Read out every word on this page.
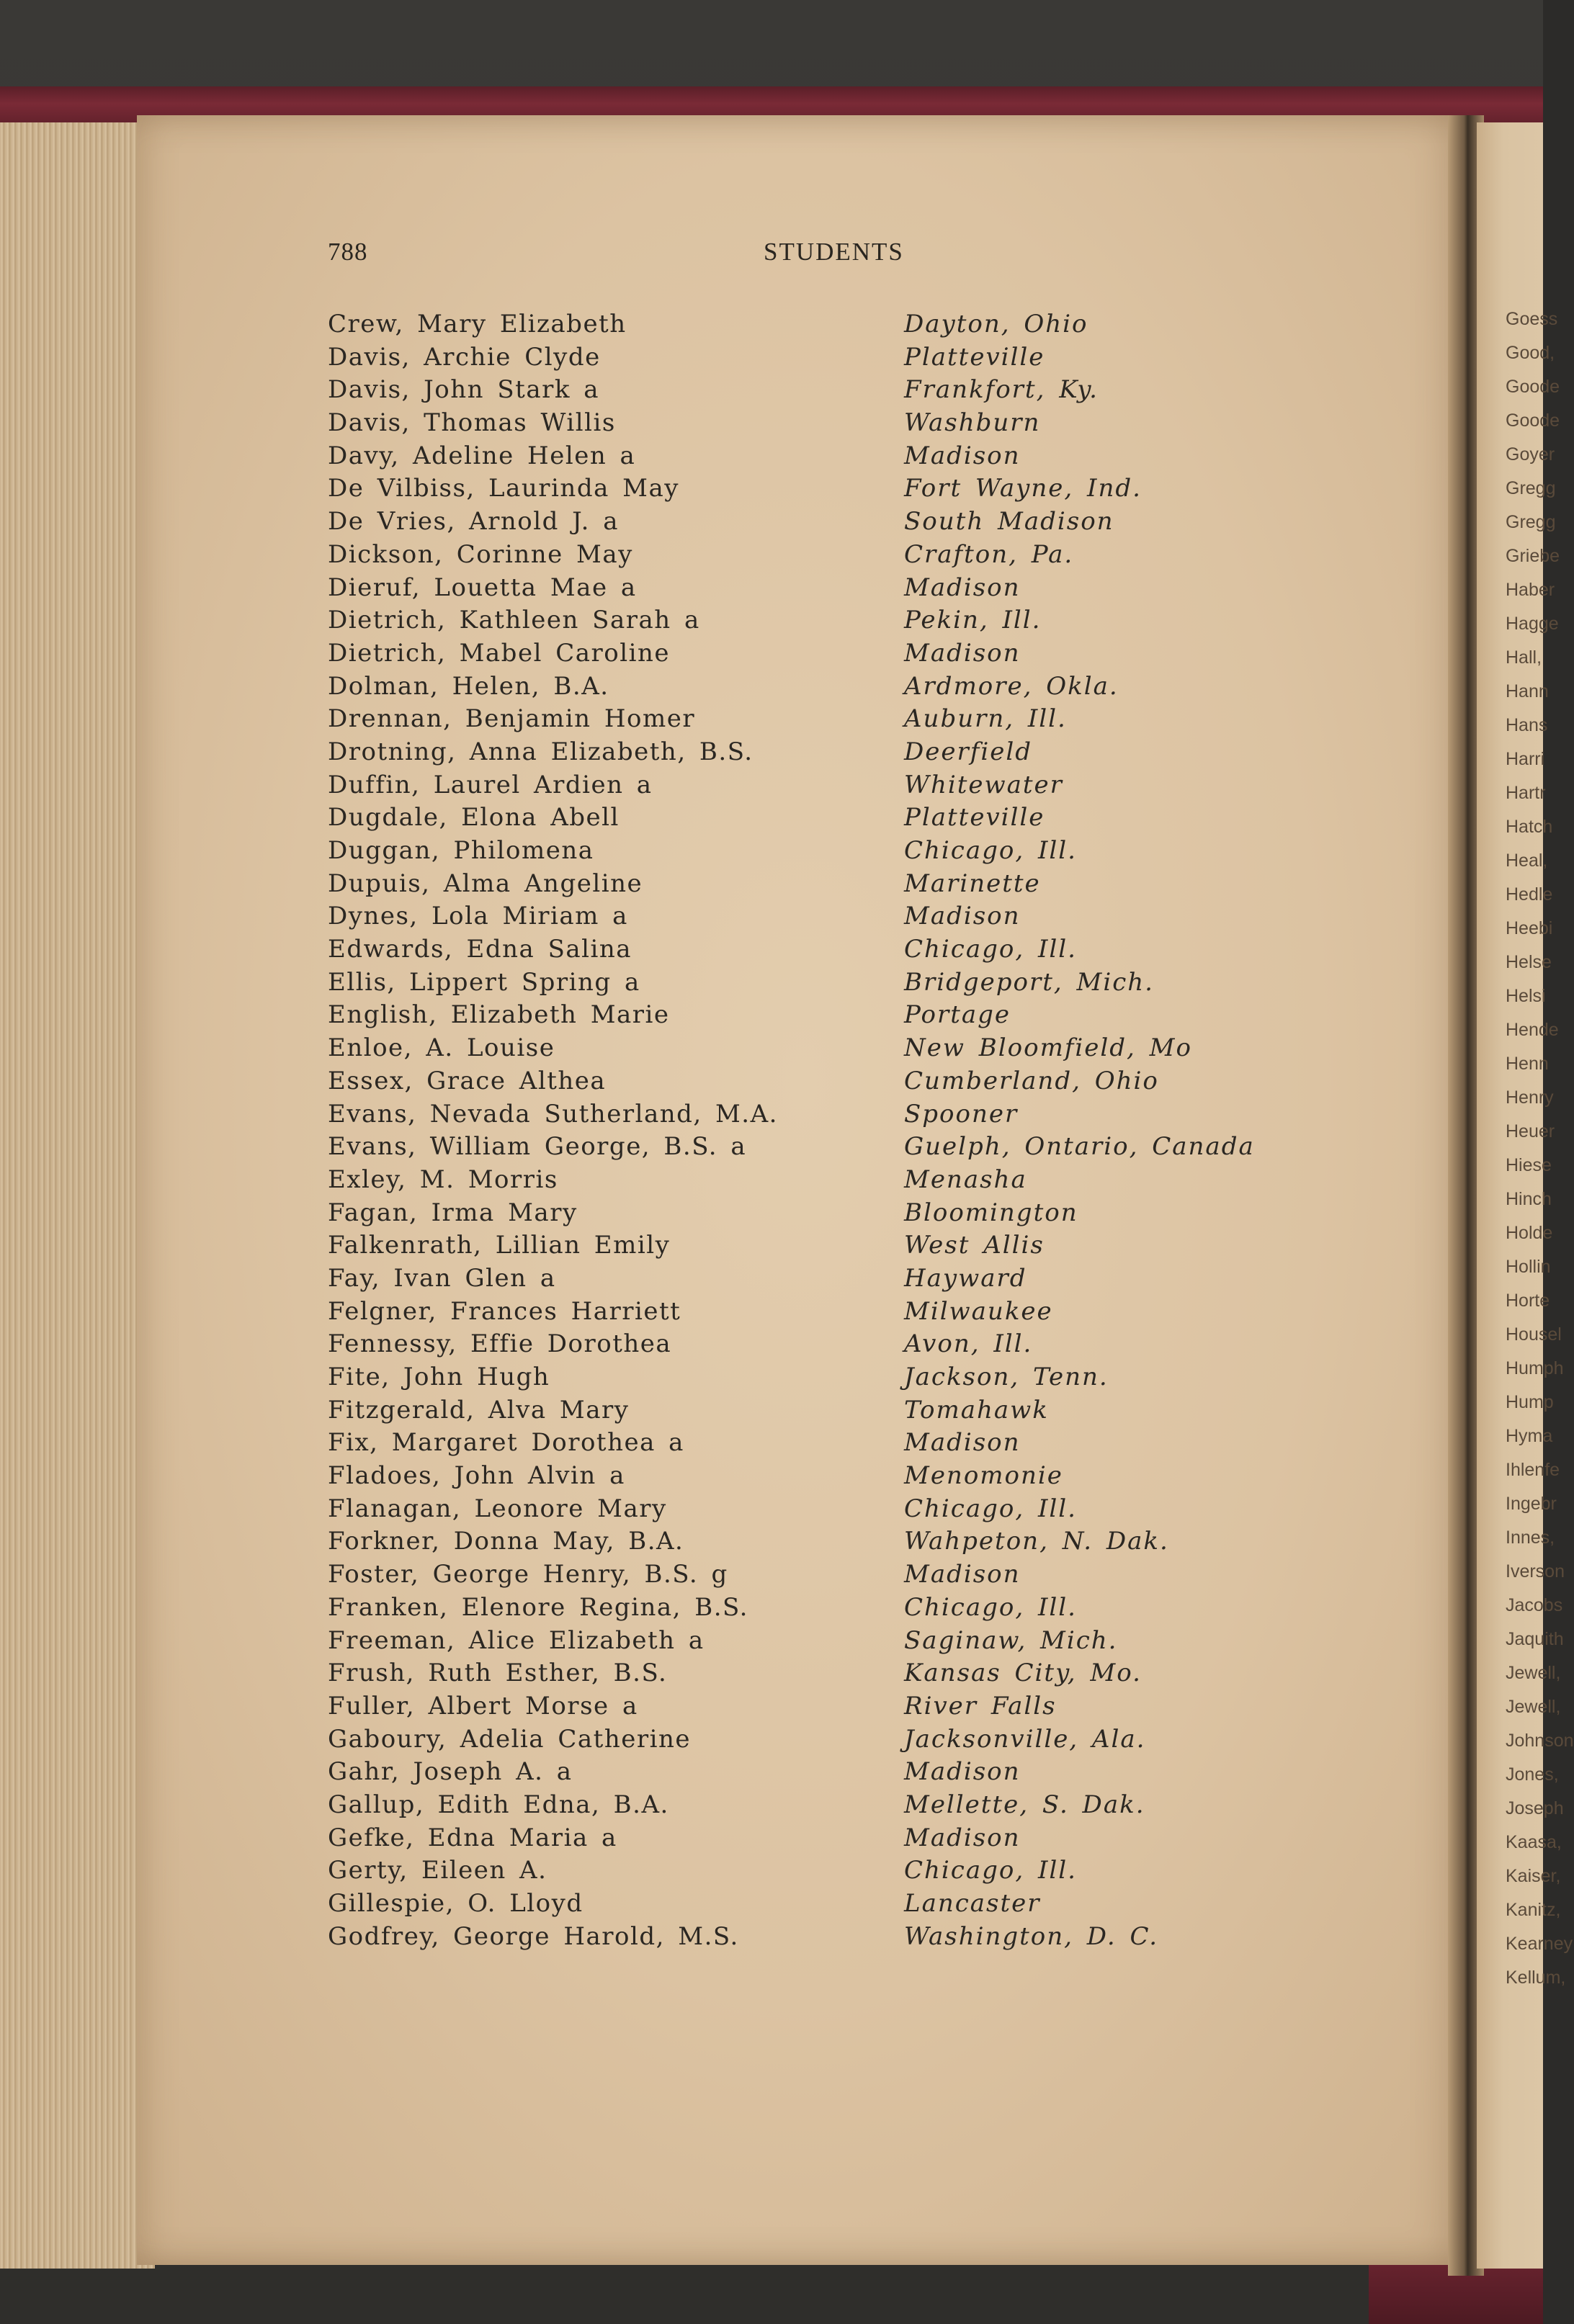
Goess
Good,
Goode
Goode
Goyer
Gregg
Gregg
Griebe
Haber
Hagge
Hall,
Hann
Hans
Harri
Hartr
Hatch
Heal,
Hedle
Heebi
Helse
Helsi
Hende
Henn
Henry
Heuer
Hiese
Hinch
Holde
Hollin
Horte
Housel
Humph
Hump
Hyma
Ihlenfe
Ingebr
Innes,
Iverson
Jacobs
Jaquith
Jewell,
Jewell,
Johnson
Jones,
Joseph
Kaasa,
Kaiser,
Kanitz,
Kearney
Kellum,
788	STUDENTS
Crew, Mary Elizabeth	Dayton, Ohio
Davis, Archie Clyde	Platteville
Davis, John Stark a	Frankfort, Ky.
Davis, Thomas Willis	Washburn
Davy, Adeline Helen a	Madison
De Vilbiss, Laurinda May	Fort Wayne, Ind.
De Vries, Arnold J. a	South Madison
Dickson, Corinne May	Crafton, Pa.
Dieruf, Louetta Mae a	Madison
Dietrich, Kathleen Sarah a	Pekin, Ill.
Dietrich, Mabel Caroline	Madison
Dolman, Helen, B.A.	Ardmore, Okla.
Drennan, Benjamin Homer	Auburn, Ill.
Drotning, Anna Elizabeth, B.S.	Deerfield
Duffin, Laurel Ardien a	Whitewater
Dugdale, Elona Abell	Platteville
Duggan, Philomena	Chicago, Ill.
Dupuis, Alma Angeline	Marinette
Dynes, Lola Miriam a	Madison
Edwards, Edna Salina	Chicago, Ill.
Ellis, Lippert Spring a	Bridgeport, Mich.
English, Elizabeth Marie	Portage
Enloe, A. Louise	New Bloomfield, Mo
Essex, Grace Althea	Cumberland, Ohio
Evans, Nevada Sutherland, M.A.	Spooner
Evans, William George, B.S. a	Guelph, Ontario, Canada
Exley, M. Morris	Menasha
Fagan, Irma Mary	Bloomington
Falkenrath, Lillian Emily	West Allis
Fay, Ivan Glen a	Hayward
Felgner, Frances Harriett	Milwaukee
Fennessy, Effie Dorothea	Avon, Ill.
Fite, John Hugh	Jackson, Tenn.
Fitzgerald, Alva Mary	Tomahawk
Fix, Margaret Dorothea a	Madison
Fladoes, John Alvin a	Menomonie
Flanagan, Leonore Mary	Chicago, Ill.
Forkner, Donna May, B.A.	Wahpeton, N. Dak.
Foster, George Henry, B.S. g	Madison
Franken, Elenore Regina, B.S.	Chicago, Ill.
Freeman, Alice Elizabeth a	Saginaw, Mich.
Frush, Ruth Esther, B.S.	Kansas City, Mo.
Fuller, Albert Morse a	River Falls
Gaboury, Adelia Catherine	Jacksonville, Ala.
Gahr, Joseph A. a	Madison
Gallup, Edith Edna, B.A.	Mellette, S. Dak.
Gefke, Edna Maria a	Madison
Gerty, Eileen A.	Chicago, Ill.
Gillespie, O. Lloyd	Lancaster
Godfrey, George Harold, M.S.	Washington, D. C.
